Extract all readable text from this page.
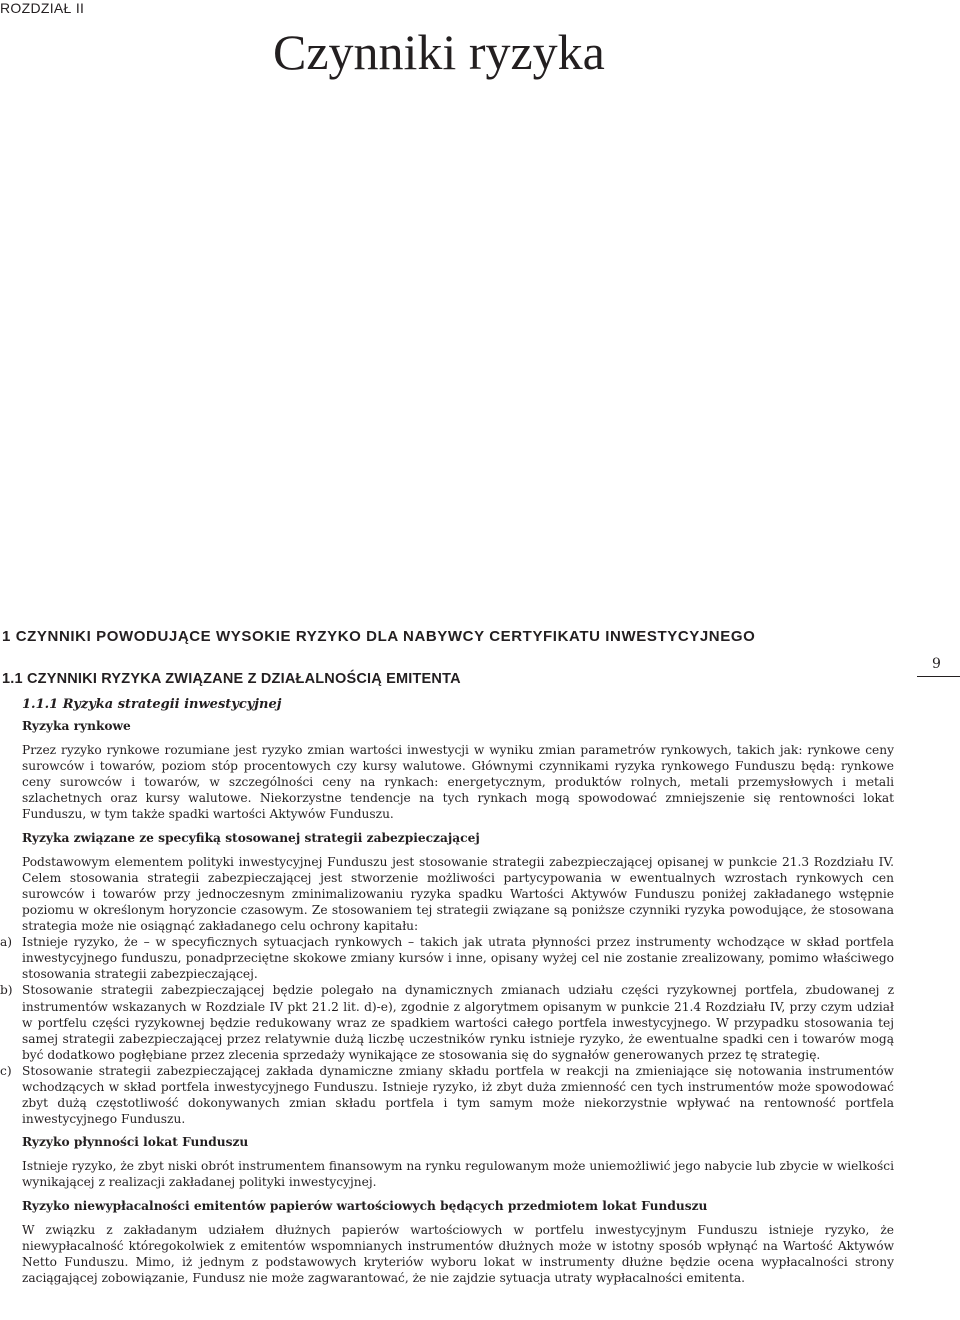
ROZDZIAŁ II
Czynniki ryzyka
1 CZYNNIKI POWODUJĄCE WYSOKIE RYZYKO DLA NABYWCY CERTYFIKATU INWESTYCYJNEGO
1.1 CZYNNIKI RYZYKA ZWIĄZANE Z DZIAŁALNOŚCIĄ EMITENTA
1.1.1 Ryzyka strategii inwestycyjnej
9

Ryzyka rynkowe

Przez ryzyko rynkowe rozumiane jest ryzyko zmian wartości inwestycji w wyniku zmian parametrów rynkowych, takich jak: rynkowe ceny surowców i towarów, poziom stóp procentowych czy kursy walutowe. Głównymi czynnikami ryzyka rynkowego Funduszu będą: rynkowe ceny surowców i towarów, w szczególności ceny na rynkach: energetycznym, produktów rolnych, metali przemysłowych i metali szlachetnych oraz kursy walutowe. Niekorzystne tendencje na tych rynkach mogą spowodować zmniejszenie się rentowności lokat Funduszu, w tym także spadki wartości Aktywów Funduszu.

Ryzyka związane ze specyfiką stosowanej strategii zabezpieczającej

Podstawowym elementem polityki inwestycyjnej Funduszu jest stosowanie strategii zabezpieczającej opisanej w punkcie 21.3 Rozdziału IV. Celem stosowania strategii zabezpieczającej jest stworzenie możliwości partycypowania w ewentualnych wzrostach rynkowych cen surowców i towarów przy jednoczesnym zminimalizowaniu ryzyka spadku Wartości Aktywów Funduszu poniżej zakładanego wstępnie poziomu w określonym horyzoncie czasowym. Ze stosowaniem tej strategii związane są poniższe czynniki ryzyka powodujące, że stosowana strategia może nie osiągnąć zakładanego celu ochrony kapitału:

a) Istnieje ryzyko, że – w specyficznych sytuacjach rynkowych – takich jak utrata płynności przez instrumenty wchodzące w skład portfela inwestycyjnego funduszu, ponadprzeciętne skokowe zmiany kursów i inne, opisany wyżej cel nie zostanie zrealizowany, pomimo właściwego stosowania strategii zabezpieczającej.
b) Stosowanie strategii zabezpieczającej będzie polegało na dynamicznych zmianach udziału części ryzykownej portfela, zbudowanej z instrumentów wskazanych w Rozdziale IV pkt 21.2 lit. d)-e), zgodnie z algorytmem opisanym w punkcie 21.4 Rozdziału IV, przy czym udział w portfelu części ryzykownej będzie redukowany wraz ze spadkiem wartości całego portfela inwestycyjnego. W przypadku stosowania tej samej strategii zabezpieczającej przez relatywnie dużą liczbę uczestników rynku istnieje ryzyko, że ewentualne spadki cen i towarów mogą być dodatkowo pogłębiane przez zlecenia sprzedaży wynikające ze stosowania się do sygnałów generowanych przez tę strategię.
c) Stosowanie strategii zabezpieczającej zakłada dynamiczne zmiany składu portfela w reakcji na zmieniające się notowania instrumentów wchodzących w skład portfela inwestycyjnego Funduszu. Istnieje ryzyko, iż zbyt duża zmienność cen tych instrumentów może spowodować zbyt dużą częstotliwość dokonywanych zmian składu portfela i tym samym może niekorzystnie wpływać na rentowność portfela inwestycyjnego Funduszu.

Ryzyko płynności lokat Funduszu

Istnieje ryzyko, że zbyt niski obrót instrumentem finansowym na rynku regulowanym może uniemożliwić jego nabycie lub zbycie w wielkości wynikającej z realizacji zakładanej polityki inwestycyjnej.

Ryzyko niewypłacalności emitentów papierów wartościowych będących przedmiotem lokat Funduszu

W związku z zakładanym udziałem dłużnych papierów wartościowych w portfelu inwestycyjnym Funduszu istnieje ryzyko, że niewypłacalność któregokolwiek z emitentów wspomnianych instrumentów dłużnych może w istotny sposób wpłynąć na Wartość Aktywów Netto Funduszu. Mimo, iż jednym z podstawowych kryteriów wyboru lokat w instrumenty dłużne będzie ocena wypłacalności strony zaciągającej zobowiązanie, Fundusz nie może zagwarantować, że nie zajdzie sytuacja utraty wypłacalności emitenta.
